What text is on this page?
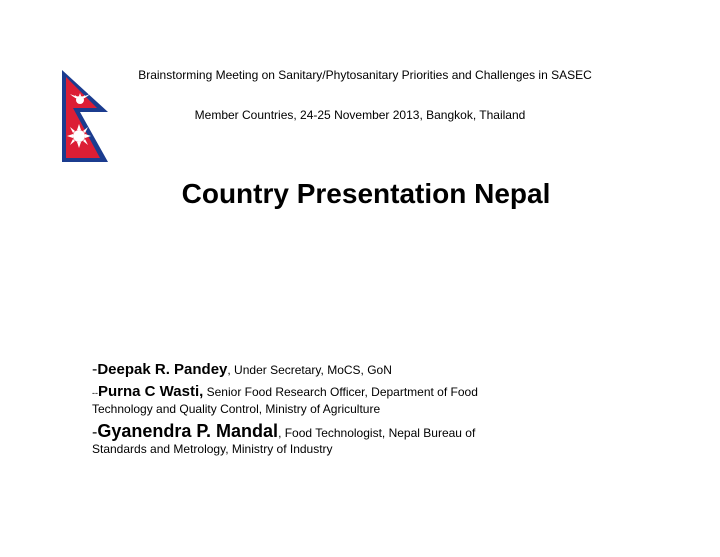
Brainstorming Meeting on Sanitary/Phytosanitary Priorities and Challenges in SASEC
Member Countries, 24-25 November 2013, Bangkok, Thailand
Country Presentation Nepal
-Deepak R. Pandey, Under Secretary, MoCS, GoN
--Purna C Wasti, Senior Food Research Officer, Department of Food Technology and Quality Control, Ministry of Agriculture
-Gyanendra P. Mandal, Food Technologist, Nepal Bureau of Standards and Metrology, Ministry of Industry
